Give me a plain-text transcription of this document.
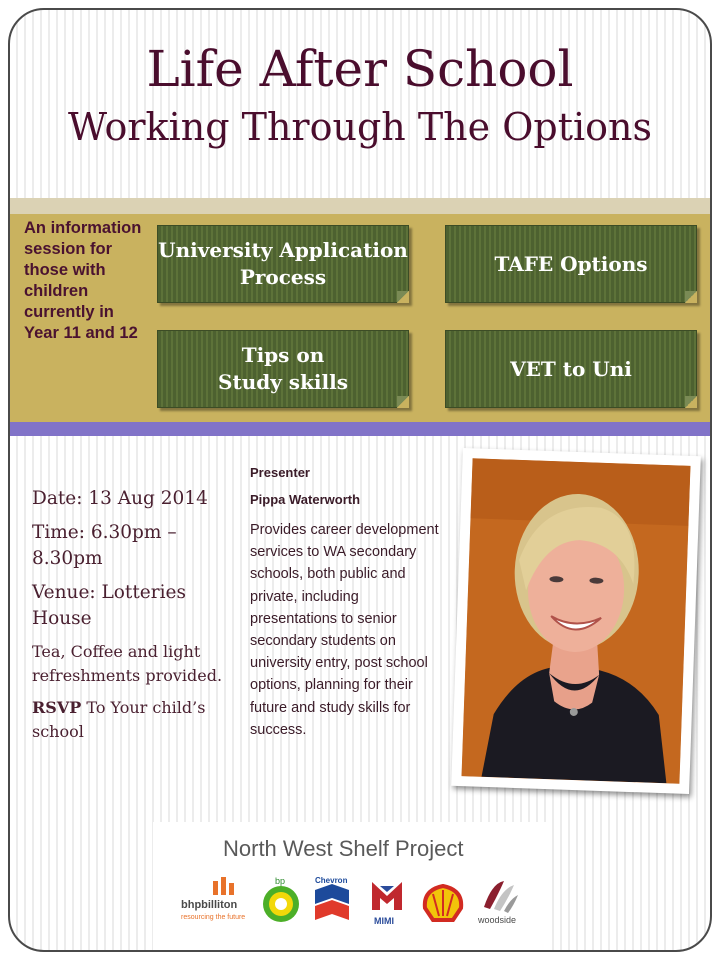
Life After School
Working Through The Options
An information session for those with children currently in Year 11 and 12
University Application
Process
TAFE Options
Tips on
Study skills
VET to Uni
Date: 13 Aug 2014
Time: 6.30pm – 8.30pm
Venue: Lotteries House
Tea, Coffee and light refreshments provided.
RSVP To Your child’s school
Presenter
Pippa Waterworth
Provides career development services to WA secondary schools, both public and private, including presentations to senior secondary students on university entry, post school options, planning for their future and study skills for success.
North West Shelf Project
bhpbilliton
resourcing the future
bp	Chevron
MIMI	woodside
